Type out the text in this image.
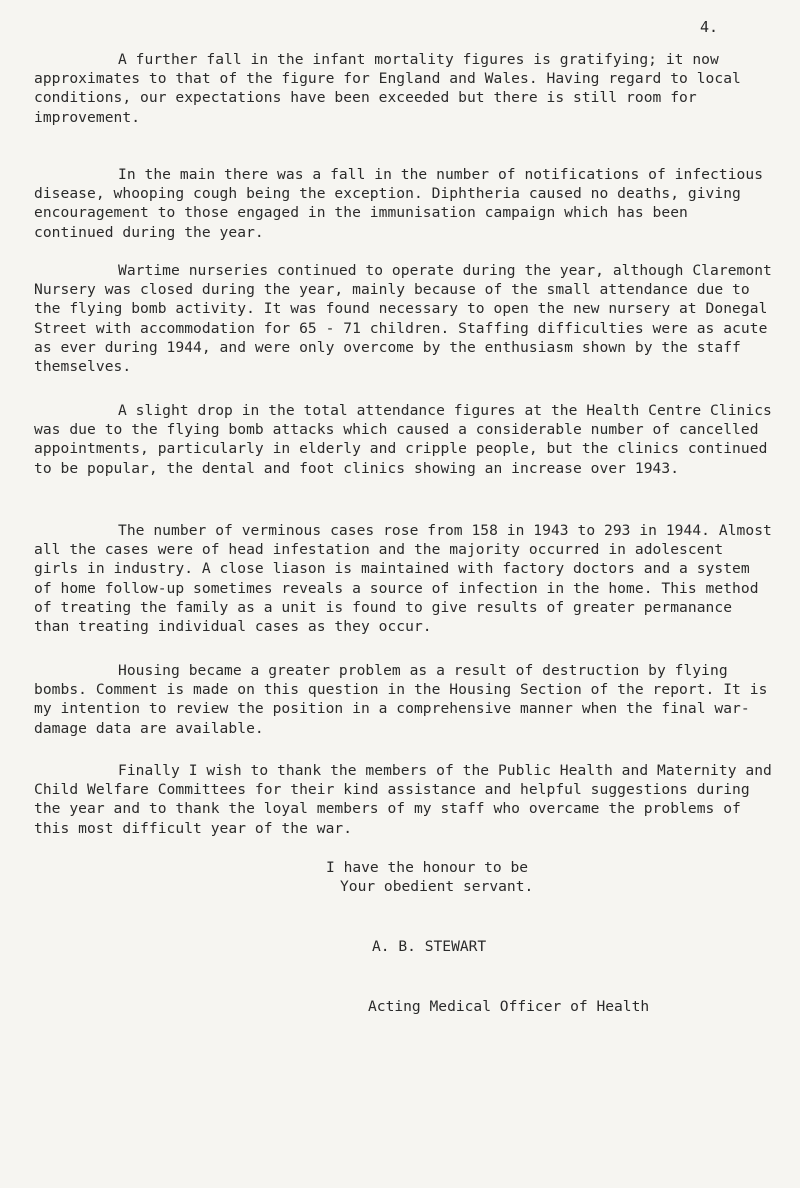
4.

A further fall in the infant mortality figures is gratifying; it now approximates to that of the figure for England and Wales. Having regard to local conditions, our expectations have been exceeded but there is still room for improvement.

In the main there was a fall in the number of notifications of infectious disease, whooping cough being the exception. Diphtheria caused no deaths, giving encouragement to those engaged in the immunisation campaign which has been continued during the year.

Wartime nurseries continued to operate during the year, although Claremont Nursery was closed during the year, mainly because of the small attendance due to the flying bomb activity. It was found necessary to open the new nursery at Donegal Street with accommodation for 65 - 71 children. Staffing difficulties were as acute as ever during 1944, and were only overcome by the enthusiasm shown by the staff themselves.

A slight drop in the total attendance figures at the Health Centre Clinics was due to the flying bomb attacks which caused a considerable number of cancelled appointments, particularly in elderly and cripple people, but the clinics continued to be popular, the dental and foot clinics showing an increase over 1943.

The number of verminous cases rose from 158 in 1943 to 293 in 1944. Almost all the cases were of head infestation and the majority occurred in adolescent girls in industry. A close liason is maintained with factory doctors and a system of home follow-up sometimes reveals a source of infection in the home. This method of treating the family as a unit is found to give results of greater permanance than treating individual cases as they occur.

Housing became a greater problem as a result of destruction by flying bombs. Comment is made on this question in the Housing Section of the report. It is my intention to review the position in a comprehensive manner when the final war-damage data are available.

Finally I wish to thank the members of the Public Health and Maternity and Child Welfare Committees for their kind assistance and helpful suggestions during the year and to thank the loyal members of my staff who overcame the problems of this most difficult year of the war.

I have the honour to be
Your obedient servant.
A. B. STEWART
Acting Medical Officer of Health
